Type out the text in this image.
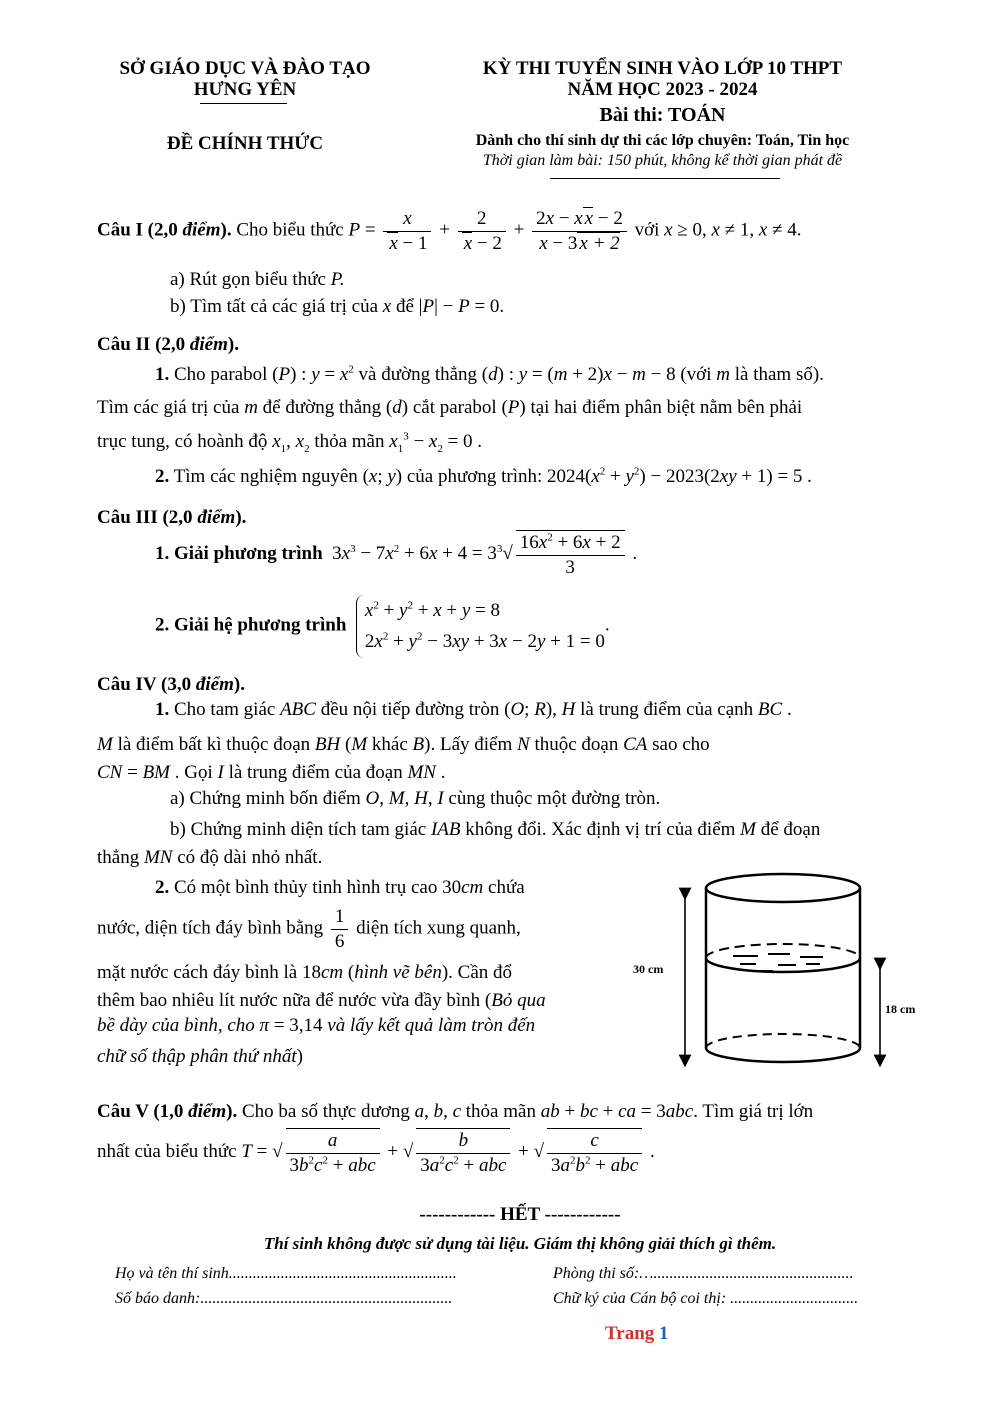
SỞ GIÁO DỤC VÀ ĐÀO TẠO
HƯNG YÊN
ĐỀ CHÍNH THỨC
KỲ THI TUYỂN SINH VÀO LỚP 10 THPT
NĂM HỌC 2023 - 2024
Bài thi: TOÁN
Dành cho thí sinh dự thi các lớp chuyên: Toán, Tin học
Thời gian làm bài: 150 phút, không kể thời gian phát đề
Câu I (2,0 điểm). Cho biểu thức $P = \frac{x}{x - 1} + \frac{2}{x - 2} + \frac{\text{2x − x x − 2}}{x - 3 x + 2}$ với x ≥ 0, x ≠ 1, x ≠ 4.
a) Rút gọn biểu thức P.
b) Tìm tất cả các giá trị của x để |P| − P = 0.
Câu II (2,0 điểm).
1. Cho parabol (P) : $y = x^2$ và đường thẳng (d) : y = (m + 2)x − m − 8 (với m là tham số).
Tìm các giá trị của m để đường thẳng (d) cắt parabol (P) tại hai điểm phân biệt nằm bên phải
trục tung, có hoành độ $x_1$, $x_2$ thỏa mãn $x_1^3 - x_2 = 0$ .
2. Tìm các nghiệm nguyên (x; y) của phương trình: $2024(x^2 + y^2) - 2023(2xy + 1) = 5$ .
Câu III (2,0 điểm).
1. Giải phương trình  $3x^3 - 7x^2 + 6x + 4 = 3^3√ \frac{16x^2 + 6x + 2}{3}$ .
2. Giải hệ phương trình  $x^2 + y^2 + x + y = 8$
$2x^2 + y^2 - 3xy + 3x - 2y + 1 = 0$.
Câu IV (3,0 điểm).
1. Cho tam giác ABC đều nội tiếp đường tròn (O; R), H là trung điểm của cạnh BC .
M là điểm bất kì thuộc đoạn BH (M khác B). Lấy điểm N thuộc đoạn CA sao cho
CN = BM . Gọi I là trung điểm của đoạn MN .
a) Chứng minh bốn điểm O, M, H, I cùng thuộc một đường tròn.
b) Chứng minh diện tích tam giác IAB không đổi. Xác định vị trí của điểm M để đoạn
thẳng MN có độ dài nhỏ nhất.
2. Có một bình thủy tinh hình trụ cao 30cm chứa
nước, diện tích đáy bình bằng $\frac{1}{6}$ diện tích xung quanh,
mặt nước cách đáy bình là 18cm (hình vẽ bên). Cần đổ
thêm bao nhiêu lít nước nữa để nước vừa đầy bình (Bỏ qua
bề dày của bình, cho π = 3,14 và lấy kết quả làm tròn đến
chữ số thập phân thứ nhất)
30 cm
18 cm
Câu V (1,0 điểm). Cho ba số thực dương a, b, c thỏa mãn ab + bc + ca = 3abc. Tìm giá trị lớn
nhất của biểu thức T = √ $\frac{a}{3b^2c^2 + abc}$ + √ $\frac{b}{3a^2c^2 + abc}$ + √ $\frac{c}{3a^2b^2 + abc}$ .
------------ HẾT ------------
Thí sinh không được sử dụng tài liệu. Giám thị không giải thích gì thêm.
Họ và tên thí sinh.........................................................	Phòng thi số:…..................................................
Số báo danh:...............................................................	Chữ ký của Cán bộ coi thị: ................................
Trang 1
